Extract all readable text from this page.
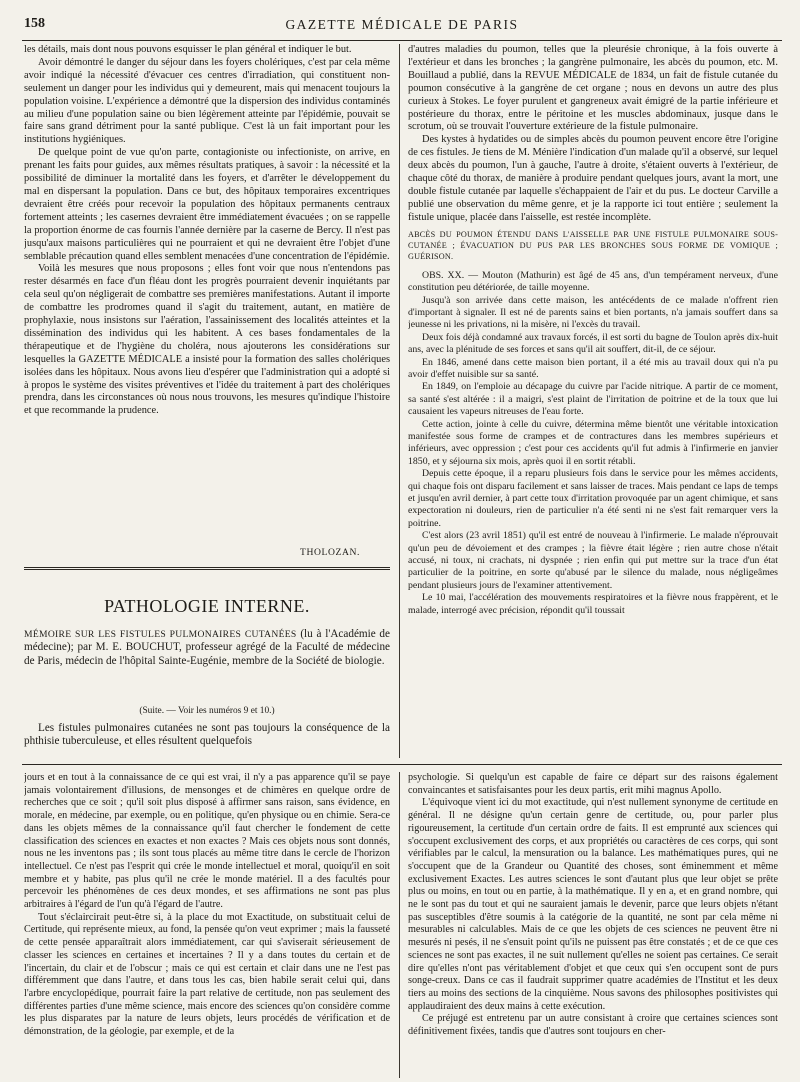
158	GAZETTE MÉDICALE DE PARIS

les détails, mais dont nous pouvons esquisser le plan général et indiquer le but.

Avoir démontré le danger du séjour dans les foyers cholériques, c'est par cela même avoir indiqué la nécessité d'évacuer ces centres d'irradiation, qui constituent non-seulement un danger pour les individus qui y demeurent, mais qui menacent toujours la population voisine. L'expérience a démontré que la dispersion des individus contaminés au milieu d'une population saine ou bien légèrement atteinte par l'épidémie, pouvait se faire sans grand détriment pour la santé publique. C'est là un fait important pour les institutions hygiéniques.

De quelque point de vue qu'on parte, contagioniste ou infectioniste, on arrive, en prenant les faits pour guides, aux mêmes résultats pratiques, à savoir : la nécessité et la possibilité de diminuer la mortalité dans les foyers, et d'arrêter le développement du mal en dispersant la population. Dans ce but, des hôpitaux temporaires excentriques devraient être créés pour recevoir la population des hôpitaux permanents centraux fortement atteints ; les casernes devraient être immédiatement évacuées ; on se rappelle la proportion énorme de cas fournis l'année dernière par la caserne de Bercy. Il n'est pas jusqu'aux maisons particulières qui ne pourraient et qui ne devraient être l'objet d'une semblable précaution quand elles semblent menacées d'une concentration de l'épidémie.

Voilà les mesures que nous proposons ; elles font voir que nous n'entendons pas rester désarmés en face d'un fléau dont les progrès pourraient devenir inquiétants par cela seul qu'on négligerait de combattre ses premières manifestations. Autant il importe de combattre les prodromes quand il s'agit du traitement, autant, en matière de prophylaxie, nous insistons sur l'aération, l'assainissement des localités atteintes et la dissémination des individus qui les habitent. A ces bases fondamentales de la thérapeutique et de l'hygiène du choléra, nous ajouterons les considérations sur lesquelles la GAZETTE MÉDICALE a insisté pour la formation des salles cholériques isolées dans les hôpitaux. Nous avons lieu d'espérer que l'administration qui a adopté si à propos le système des visites préventives et l'idée du traitement à part des cholériques prendra, dans les circonstances où nous nous trouvons, les mesures qu'indique l'histoire et que recommande la prudence.

THOLOZAN.
PATHOLOGIE INTERNE.
MÉMOIRE SUR LES FISTULES PULMONAIRES CUTANÉES (lu à l'Académie de médecine); par M. E. BOUCHUT, professeur agrégé de la Faculté de médecine de Paris, médecin de l'hôpital Sainte-Eugénie, membre de la Société de biologie.
(Suite. — Voir les numéros 9 et 10.)

Les fistules pulmonaires cutanées ne sont pas toujours la conséquence de la phthisie tuberculeuse, et elles résultent quelquefois

d'autres maladies du poumon, telles que la pleurésie chronique, à la fois ouverte à l'extérieur et dans les bronches ; la gangrène pulmonaire, les abcès du poumon, etc. M. Bouillaud a publié, dans la REVUE MÉDICALE de 1834, un fait de fistule cutanée du poumon consécutive à la gangrène de cet organe ; nous en devons un autre des plus curieux à Stokes. Le foyer purulent et gangreneux avait émigré de la partie inférieure et postérieure du thorax, entre le péritoine et les muscles abdominaux, jusque dans le scrotum, où se trouvait l'ouverture extérieure de la fistule pulmonaire.

Des kystes à hydatides ou de simples abcès du poumon peuvent encore être l'origine de ces fistules. Je tiens de M. Ménière l'indication d'un malade qu'il a observé, sur lequel deux abcès du poumon, l'un à gauche, l'autre à droite, s'étaient ouverts à l'extérieur, de chaque côté du thorax, de manière à produire pendant quelques jours, avant la mort, une double fistule cutanée par laquelle s'échappaient de l'air et du pus. Le docteur Carville a publié une observation du même genre, et je la rapporte ici tout entière ; seulement la fistule unique, placée dans l'aisselle, est restée incomplète.

ABCÈS DU POUMON ÉTENDU DANS L'AISSELLE PAR UNE FISTULE PULMONAIRE SOUS-CUTANÉE ; ÉVACUATION DU PUS PAR LES BRONCHES SOUS FORME DE VOMIQUE ; GUÉRISON.

OBS. XX. — Mouton (Mathurin) est âgé de 45 ans, d'un tempérament nerveux, d'une constitution peu détériorée, de taille moyenne.

Jusqu'à son arrivée dans cette maison, les antécédents de ce malade n'offrent rien d'important à signaler. Il est né de parents sains et bien portants, n'a jamais souffert dans sa jeunesse ni les privations, ni la misère, ni l'excès du travail.

Deux fois déjà condamné aux travaux forcés, il est sorti du bagne de Toulon après dix-huit ans, avec la plénitude de ses forces et sans qu'il ait souffert, dit-il, de ce séjour.

En 1846, amené dans cette maison bien portant, il a été mis au travail doux qui n'a pu avoir d'effet nuisible sur sa santé.

En 1849, on l'emploie au décapage du cuivre par l'acide nitrique. A partir de ce moment, sa santé s'est altérée : il a maigri, s'est plaint de l'irritation de poitrine et de la toux que lui causaient les vapeurs nitreuses de l'eau forte.

Cette action, jointe à celle du cuivre, détermina même bientôt une véritable intoxication manifestée sous forme de crampes et de contractures dans les membres supérieurs et inférieurs, avec oppression ; c'est pour ces accidents qu'il fut admis à l'infirmerie en janvier 1850, et y séjourna six mois, après quoi il en sortit rétabli.

Depuis cette époque, il a reparu plusieurs fois dans le service pour les mêmes accidents, qui chaque fois ont disparu facilement et sans laisser de traces. Mais pendant ce laps de temps et jusqu'en avril dernier, à part cette toux d'irritation provoquée par un agent chimique, et sans expectoration ni douleurs, rien de particulier n'a été senti ni ne s'est fait remarquer vers la poitrine.

C'est alors (23 avril 1851) qu'il est entré de nouveau à l'infirmerie. Le malade n'éprouvait qu'un peu de dévoiement et des crampes ; la fièvre était légère ; rien autre chose n'était accusé, ni toux, ni crachats, ni dyspnée ; rien enfin qui put mettre sur la trace d'un état particulier de la poitrine, en sorte qu'abusé par le silence du malade, nous négligeâmes pendant plusieurs jours de l'examiner attentivement.

Le 10 mai, l'accélération des mouvements respiratoires et la fièvre nous frappèrent, et le malade, interrogé avec précision, répondit qu'il toussait

jours et en tout à la connaissance de ce qui est vrai, il n'y a pas apparence qu'il se paye jamais volontairement d'illusions, de mensonges et de chimères en quelque ordre de recherches que ce soit ; qu'il soit plus disposé à affirmer sans raison, sans évidence, en morale, en médecine, par exemple, ou en politique, qu'en physique ou en chimie. Sera-ce dans les objets mêmes de la connaissance qu'il faut chercher le fondement de cette classification des sciences en exactes et non exactes ? Mais ces objets nous sont donnés, nous ne les inventons pas ; ils sont tous placés au même titre dans le cercle de l'horizon intellectuel. Ce n'est pas l'esprit qui crée le monde intellectuel et moral, quoiqu'il en soit membre et y habite, pas plus qu'il ne crée le monde matériel. Il a des facultés pour percevoir les phénomènes de ces deux mondes, et ses affirmations ne sont pas plus arbitraires à l'égard de l'un qu'à l'égard de l'autre.

Tout s'éclaircirait peut-être si, à la place du mot Exactitude, on substituait celui de Certitude, qui représente mieux, au fond, la pensée qu'on veut exprimer ; mais la fausseté de cette pensée apparaîtrait alors immédiatement, car qui s'aviserait sérieusement de classer les sciences en certaines et incertaines ? Il y a dans toutes du certain et de l'incertain, du clair et de l'obscur ; mais ce qui est certain et clair dans une ne l'est pas différemment que dans l'autre, et dans tous les cas, bien habile serait celui qui, dans l'arbre encyclopédique, pourrait faire la part relative de certitude, non pas seulement des différentes parties d'une même science, mais encore des sciences qu'on considère comme les plus disparates par la nature de leurs objets, leurs procédés de vérification et de démonstration, de la géologie, par exemple, et de la

psychologie. Si quelqu'un est capable de faire ce départ sur des raisons également convaincantes et satisfaisantes pour les deux partis, erit mihi magnus Apollo.

L'équivoque vient ici du mot exactitude, qui n'est nullement synonyme de certitude en général. Il ne désigne qu'un certain genre de certitude, ou, pour parler plus rigoureusement, la certitude d'un certain ordre de faits. Il est emprunté aux sciences qui s'occupent exclusivement des corps, et aux propriétés ou caractères de ces corps, qui sont vérifiables par le calcul, la mensuration ou la balance. Les mathématiques pures, qui ne s'occupent que de la Grandeur ou Quantité des choses, sont éminemment et même exclusivement Exactes. Les autres sciences le sont d'autant plus que leur objet se prête plus ou moins, en tout ou en partie, à la mathématique. Il y en a, et en grand nombre, qui ne le sont pas du tout et qui ne sauraient jamais le devenir, parce que leurs objets n'étant pas susceptibles d'être soumis à la catégorie de la quantité, ne sont par cela même ni mesurables ni calculables. Mais de ce que les objets de ces sciences ne peuvent être ni mesurés ni pesés, il ne s'ensuit point qu'ils ne puissent pas être constatés ; et de ce que ces sciences ne sont pas exactes, il ne suit nullement qu'elles ne soient pas certaines. Ce serait dire qu'elles n'ont pas véritablement d'objet et que ceux qui s'en occupent sont de purs songe-creux. Dans ce cas il faudrait supprimer quatre académies de l'Institut et les deux tiers au moins des sections de la cinquième. Nous savons des philosophes positivistes qui applaudiraient des deux mains à cette exécution.

Ce préjugé est entretenu par un autre consistant à croire que certaines sciences sont définitivement fixées, tandis que d'autres sont toujours en cher-
